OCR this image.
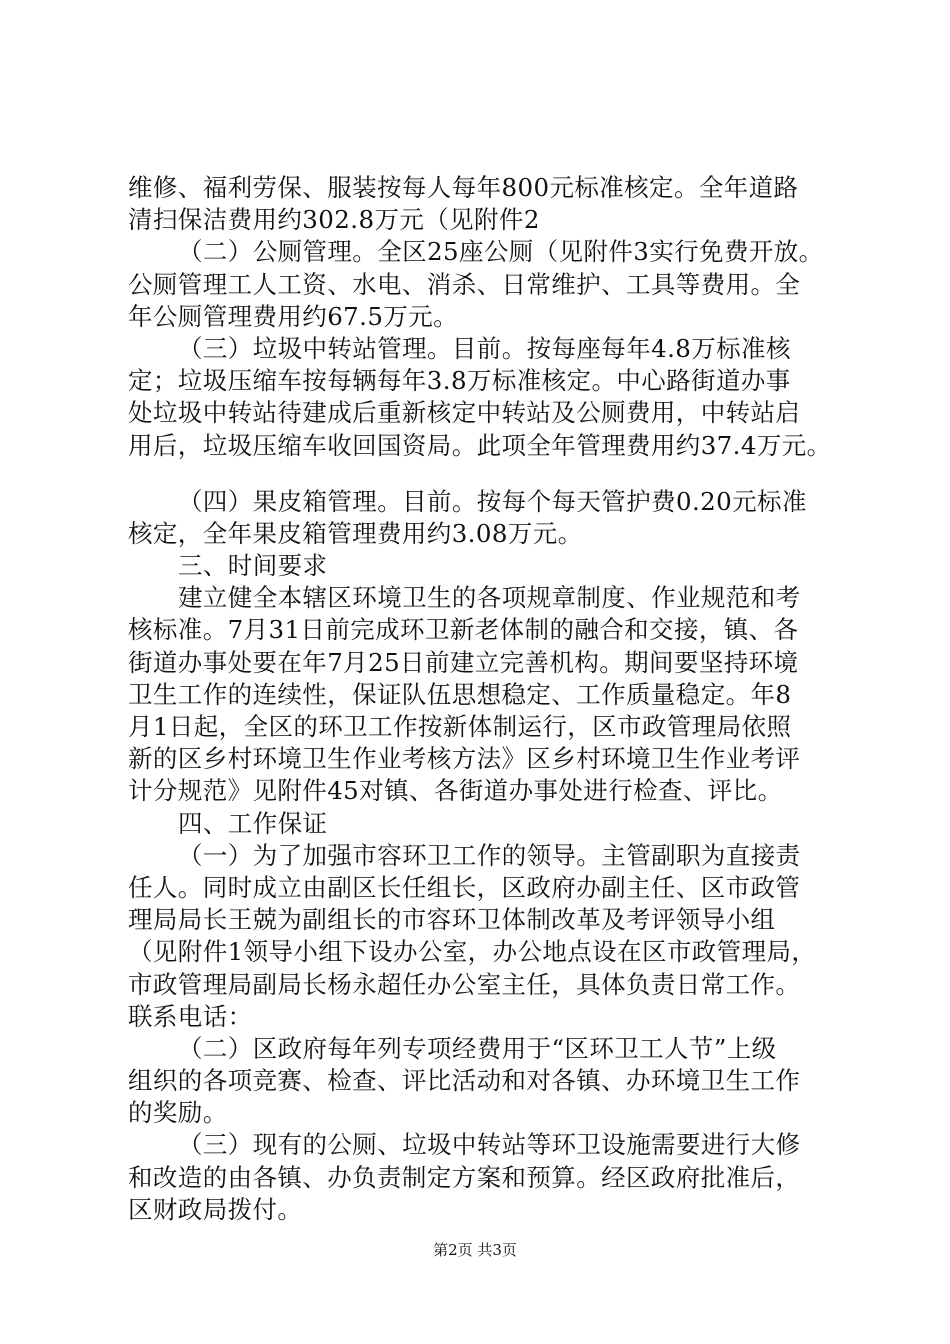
维修、福利劳保、服装按每人每年800元标准核定。全年道路
清扫保洁费用约302.8万元（见附件2
（二）公厕管理。全区25座公厕（见附件3实行免费开放。
公厕管理工人工资、水电、消杀、日常维护、工具等费用。全
年公厕管理费用约67.5万元。
（三）垃圾中转站管理。目前。按每座每年4.8万标准核
定；垃圾压缩车按每辆每年3.8万标准核定。中心路街道办事
处垃圾中转站待建成后重新核定中转站及公厕费用，中转站启
用后，垃圾压缩车收回国资局。此项全年管理费用约37.4万元。
（四）果皮箱管理。目前。按每个每天管护费0.20元标准
核定，全年果皮箱管理费用约3.08万元。
三、时间要求
建立健全本辖区环境卫生的各项规章制度、作业规范和考
核标准。7月31日前完成环卫新老体制的融合和交接，镇、各
街道办事处要在年7月25日前建立完善机构。期间要坚持环境
卫生工作的连续性，保证队伍思想稳定、工作质量稳定。年8
月1日起，全区的环卫工作按新体制运行，区市政管理局依照
新的区乡村环境卫生作业考核方法》区乡村环境卫生作业考评
计分规范》见附件45对镇、各街道办事处进行检查、评比。
四、工作保证
（一）为了加强市容环卫工作的领导。主管副职为直接责
任人。同时成立由副区长任组长，区政府办副主任、区市政管
理局局长王兢为副组长的市容环卫体制改革及考评领导小组
（见附件1领导小组下设办公室，办公地点设在区市政管理局，
市政管理局副局长杨永超任办公室主任，具体负责日常工作。
联系电话：
（二）区政府每年列专项经费用于“区环卫工人节”上级
组织的各项竞赛、检查、评比活动和对各镇、办环境卫生工作
的奖励。
（三）现有的公厕、垃圾中转站等环卫设施需要进行大修
和改造的由各镇、办负责制定方案和预算。经区政府批准后，
区财政局拨付。
第2页 共3页
